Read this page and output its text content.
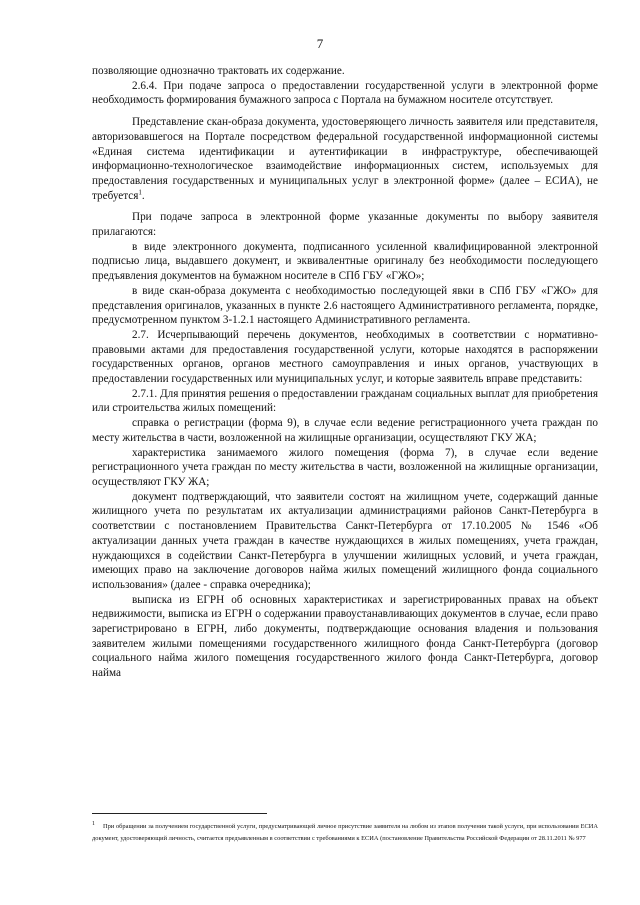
7

позволяющие однозначно трактовать их содержание.

2.6.4. При подаче запроса о предоставлении государственной услуги в электронной форме необходимость формирования бумажного запроса с Портала на бумажном носителе отсутствует.

Представление скан-образа документа, удостоверяющего личность заявителя или представителя, авторизовавшегося на Портале посредством федеральной государственной информационной системы «Единая система идентификации и аутентификации в инфраструктуре, обеспечивающей информационно-технологическое взаимодействие информационных систем, используемых для предоставления государственных и муниципальных услуг в электронной форме» (далее – ЕСИА), не требуется$^1$.

При подаче запроса в электронной форме указанные документы по выбору заявителя прилагаются:

в виде электронного документа, подписанного усиленной квалифицированной электронной подписью лица, выдавшего документ, и эквивалентные оригиналу без необходимости последующего предъявления документов на бумажном носителе в СПб ГБУ «ГЖО»;

в виде скан-образа документа с необходимостью последующей явки в СПб ГБУ «ГЖО» для представления оригиналов, указанных в пункте 2.6 настоящего Административного регламента, порядке, предусмотренном пунктом 3-1.2.1 настоящего Административного регламента.

2.7. Исчерпывающий перечень документов, необходимых в соответствии с нормативно-правовыми актами для предоставления государственной услуги, которые находятся в распоряжении государственных органов, органов местного самоуправления и иных органов, участвующих в предоставлении государственных или муниципальных услуг, и которые заявитель вправе представить:

2.7.1. Для принятия решения о предоставлении гражданам социальных выплат для приобретения или строительства жилых помещений:

справка о регистрации (форма 9), в случае если ведение регистрационного учета граждан по месту жительства в части, возложенной на жилищные организации, осуществляют ГКУ ЖА;

характеристика занимаемого жилого помещения (форма 7), в случае если ведение регистрационного учета граждан по месту жительства в части, возложенной на жилищные организации, осуществляют ГКУ ЖА;

документ подтверждающий, что заявители состоят на жилищном учете, содержащий данные жилищного учета по результатам их актуализации администрациями районов Санкт-Петербурга в соответствии с постановлением Правительства Санкт-Петербурга от 17.10.2005 № 1546 «Об актуализации данных учета граждан в качестве нуждающихся в жилых помещениях, учета граждан, нуждающихся в содействии Санкт-Петербурга в улучшении жилищных условий, и учета граждан, имеющих право на заключение договоров найма жилых помещений жилищного фонда социального использования» (далее - справка очередника);

выписка из ЕГРН об основных характеристиках и зарегистрированных правах на объект недвижимости, выписка из ЕГРН о содержании правоустанавливающих документов в случае, если право зарегистрировано в ЕГРН, либо документы, подтверждающие основания владения и пользования заявителем жилыми помещениями государственного жилищного фонда Санкт-Петербурга (договор социального найма жилого помещения государственного жилого фонда Санкт-Петербурга, договор найма

$^1$ При обращении за получением государственной услуги, предусматривающей личное присутствие заявителя на любом из этапов получения такой услуги, при использовании ЕСИА документ, удостоверяющий личность, считается предъявленным в соответствии с требованиями к ЕСИА (постановление Правительства Российской Федерации от 28.11.2011 № 977
